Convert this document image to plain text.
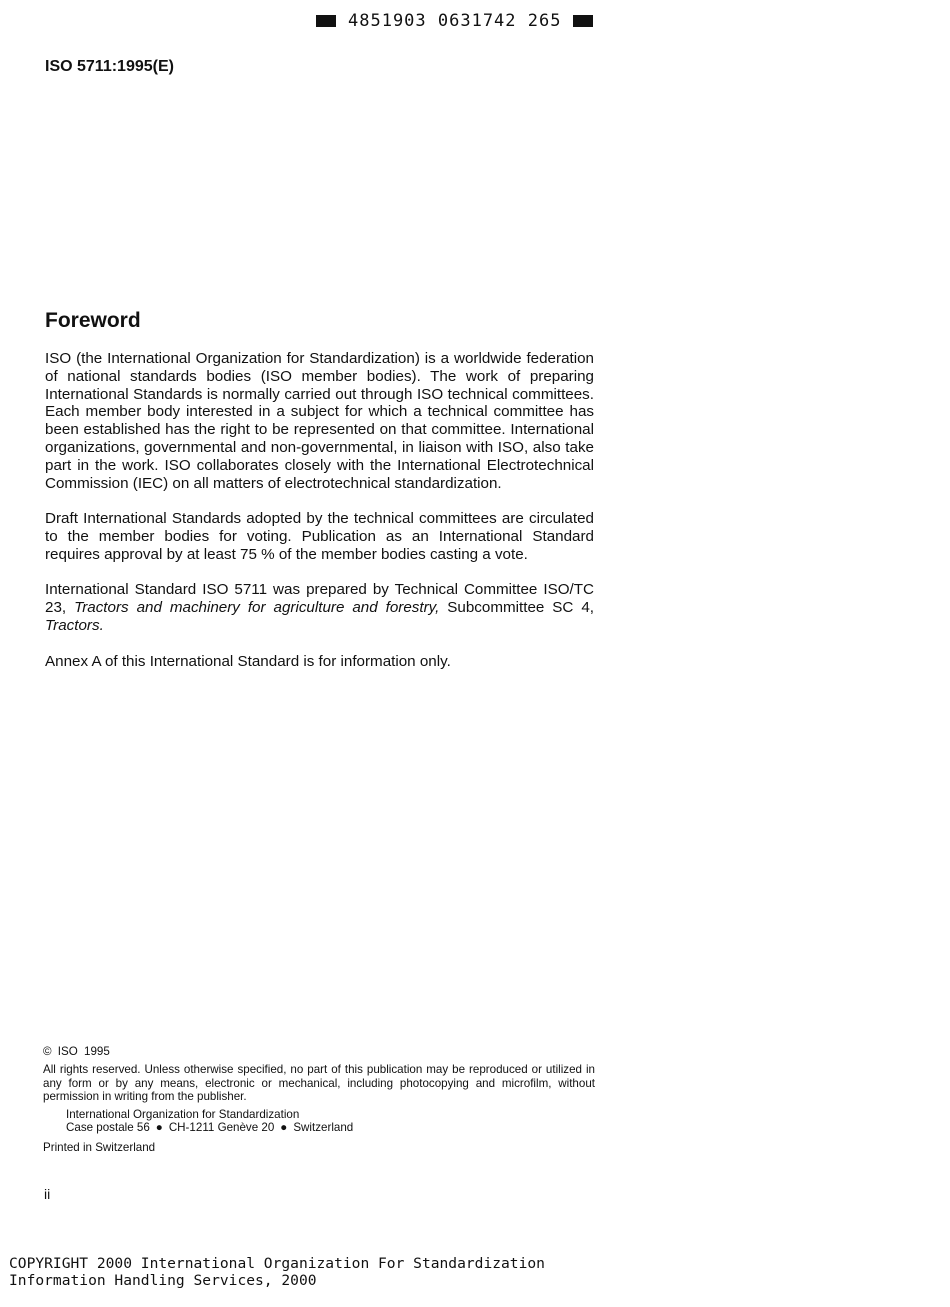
4851903 0631742 265
ISO 5711:1995(E)
Foreword

ISO (the International Organization for Standardization) is a worldwide federation of national standards bodies (ISO member bodies). The work of preparing International Standards is normally carried out through ISO technical committees. Each member body interested in a subject for which a technical committee has been established has the right to be represented on that committee. International organizations, governmental and non-governmental, in liaison with ISO, also take part in the work. ISO collaborates closely with the International Electrotechnical Commission (IEC) on all matters of electrotechnical standardization.

Draft International Standards adopted by the technical committees are circulated to the member bodies for voting. Publication as an International Standard requires approval by at least 75 % of the member bodies casting a vote.

International Standard ISO 5711 was prepared by Technical Committee ISO/TC 23, Tractors and machinery for agriculture and forestry, Subcommittee SC 4, Tractors.

Annex A of this International Standard is for information only.

© ISO 1995

All rights reserved. Unless otherwise specified, no part of this publication may be reproduced or utilized in any form or by any means, electronic or mechanical, including photocopying and microfilm, without permission in writing from the publisher.

International Organization for Standardization
Case postale 56 ● CH-1211 Genève 20 ● Switzerland

Printed in Switzerland

ii
COPYRIGHT 2000 International Organization For Standardization
Information Handling Services, 2000
